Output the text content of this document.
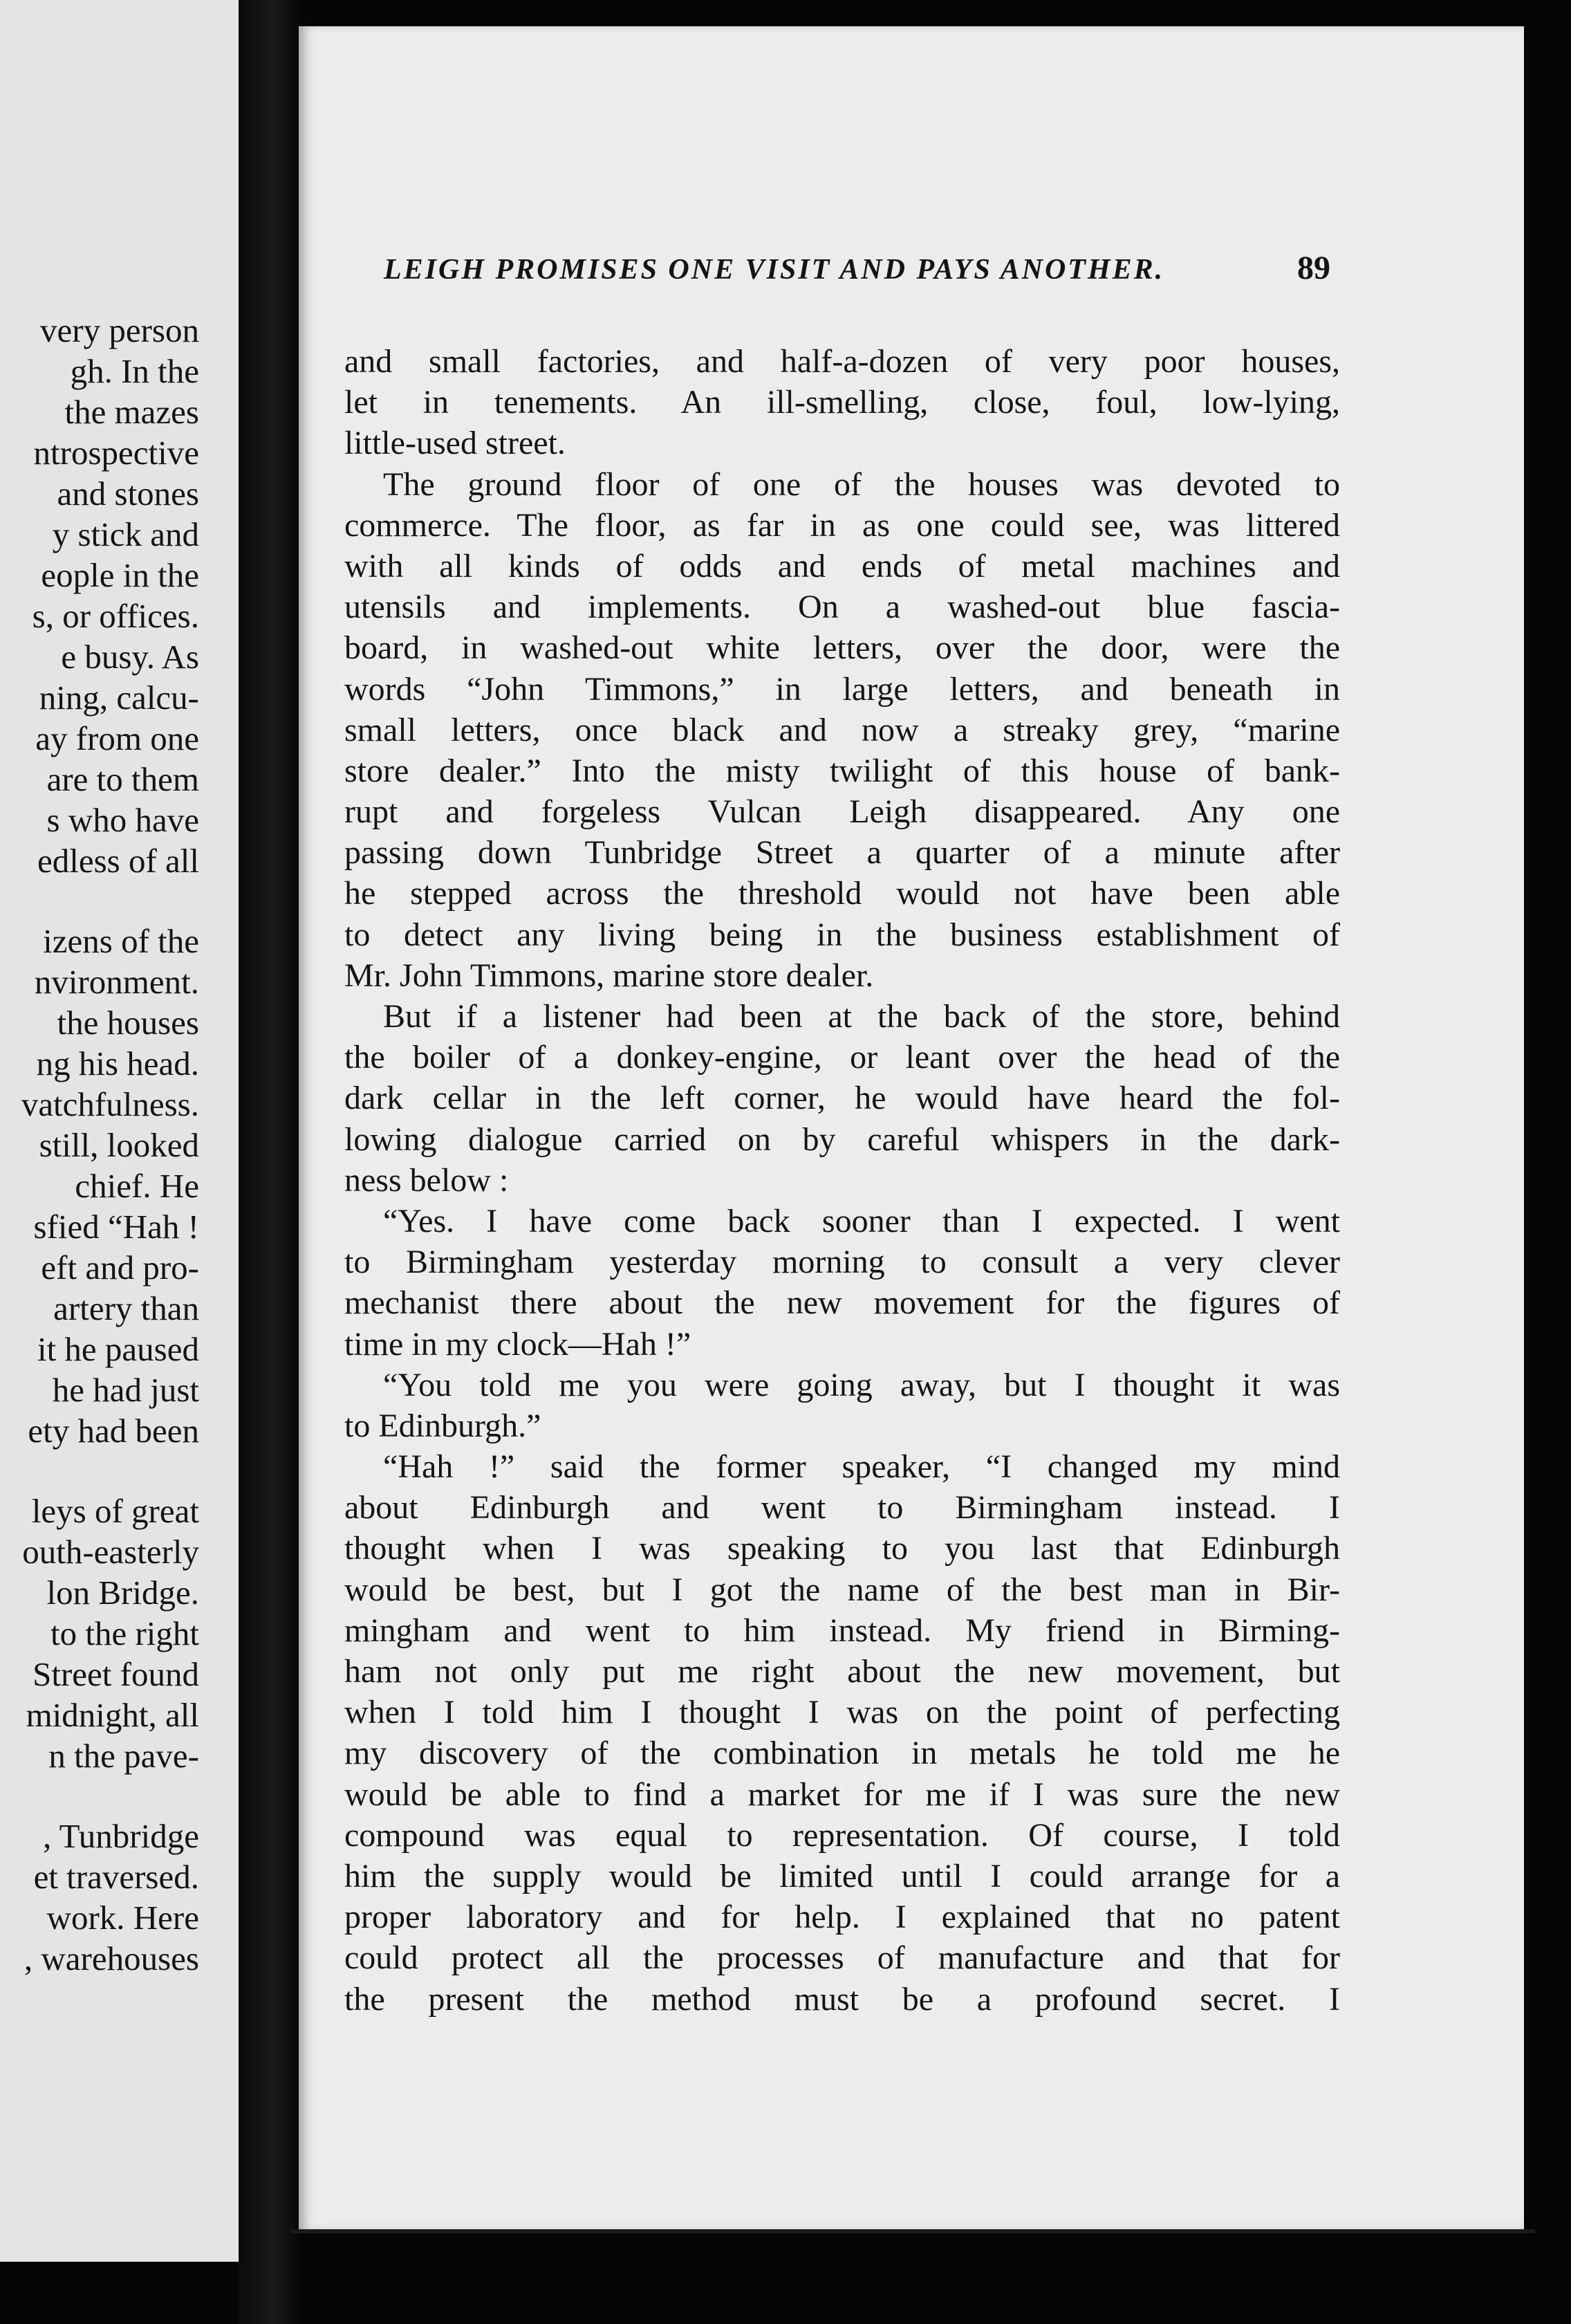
very person
gh. In the
the mazes
ntrospective
and stones
y stick and
eople in the
s, or offices.
e busy. As
ning, calcu-
ay from one
are to them
s who have
edless of all
izens of the
nvironment.
the houses
ng his head.
vatchfulness.
still, looked
chief. He
sfied “Hah !
eft and pro-
artery than
it he paused
he had just
ety had been
leys of great
outh-easterly
lon Bridge.
to the right
Street found
midnight, all
n the pave-
, Tunbridge
et traversed.
work. Here
, warehouses
LEIGH PROMISES ONE VISIT AND PAYS ANOTHER.	89
and small factories, and half-a-dozen of very poor houses,
let in tenements. An ill-smelling, close, foul, low-lying,
little-used street.
The ground floor of one of the houses was devoted to
commerce. The floor, as far in as one could see, was littered
with all kinds of odds and ends of metal machines and
utensils and implements. On a washed-out blue fascia-
board, in washed-out white letters, over the door, were the
words “John Timmons,” in large letters, and beneath in
small letters, once black and now a streaky grey, “marine
store dealer.” Into the misty twilight of this house of bank-
rupt and forgeless Vulcan Leigh disappeared. Any one
passing down Tunbridge Street a quarter of a minute after
he stepped across the threshold would not have been able
to detect any living being in the business establishment of
Mr. John Timmons, marine store dealer.
But if a listener had been at the back of the store, behind
the boiler of a donkey-engine, or leant over the head of the
dark cellar in the left corner, he would have heard the fol-
lowing dialogue carried on by careful whispers in the dark-
ness below :
“Yes. I have come back sooner than I expected. I went
to Birmingham yesterday morning to consult a very clever
mechanist there about the new movement for the figures of
time in my clock—Hah !”
“You told me you were going away, but I thought it was
to Edinburgh.”
“Hah !” said the former speaker, “I changed my mind
about Edinburgh and went to Birmingham instead. I
thought when I was speaking to you last that Edinburgh
would be best, but I got the name of the best man in Bir-
mingham and went to him instead. My friend in Birming-
ham not only put me right about the new movement, but
when I told him I thought I was on the point of perfecting
my discovery of the combination in metals he told me he
would be able to find a market for me if I was sure the new
compound was equal to representation. Of course, I told
him the supply would be limited until I could arrange for a
proper laboratory and for help. I explained that no patent
could protect all the processes of manufacture and that for
the present the method must be a profound secret. I
